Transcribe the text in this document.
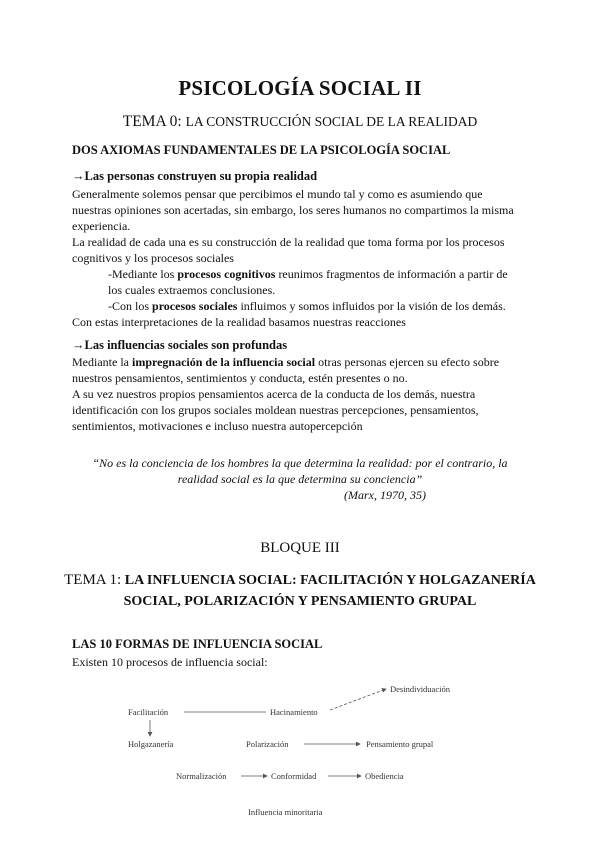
PSICOLOGÍA SOCIAL II
TEMA 0: LA CONSTRUCCIÓN SOCIAL DE LA REALIDAD
DOS AXIOMAS FUNDAMENTALES DE LA PSICOLOGÍA SOCIAL
→Las personas construyen su propia realidad
Generalmente solemos pensar que percibimos el mundo tal y como es asumiendo que
nuestras opiniones son acertadas, sin embargo, los seres humanos no compartimos la misma
experiencia.
La realidad de cada una es su construcción de la realidad que toma forma por los procesos
cognitivos y los procesos sociales
-Mediante los procesos cognitivos reunimos fragmentos de información a partir de
los cuales extraemos conclusiones.
-Con los procesos sociales influimos y somos influidos por la visión de los demás.
Con estas interpretaciones de la realidad basamos nuestras reacciones
→Las influencias sociales son profundas
Mediante la impregnación de la influencia social otras personas ejercen su efecto sobre
nuestros pensamientos, sentimientos y conducta, estén presentes o no.
A su vez nuestros propios pensamientos acerca de la conducta de los demás, nuestra
identificación con los grupos sociales moldean nuestras percepciones, pensamientos,
sentimientos, motivaciones e incluso nuestra autopercepción
“No es la conciencia de los hombres la que determina la realidad: por el contrario, la realidad social es la que determina su conciencia”
(Marx, 1970, 35)
BLOQUE III
TEMA 1: LA INFLUENCIA SOCIAL: FACILITACIÓN Y HOLGAZANERÍA SOCIAL, POLARIZACIÓN Y PENSAMIENTO GRUPAL
LAS 10 FORMAS DE INFLUENCIA SOCIAL
Existen 10 procesos de influencia social:
Facilitación	Hacinamiento
Desindividuación
Holgazanería	Polarización	Pensamiento grupal
Normalización	Conformidad	Obediencia
Influencia minoritaria
